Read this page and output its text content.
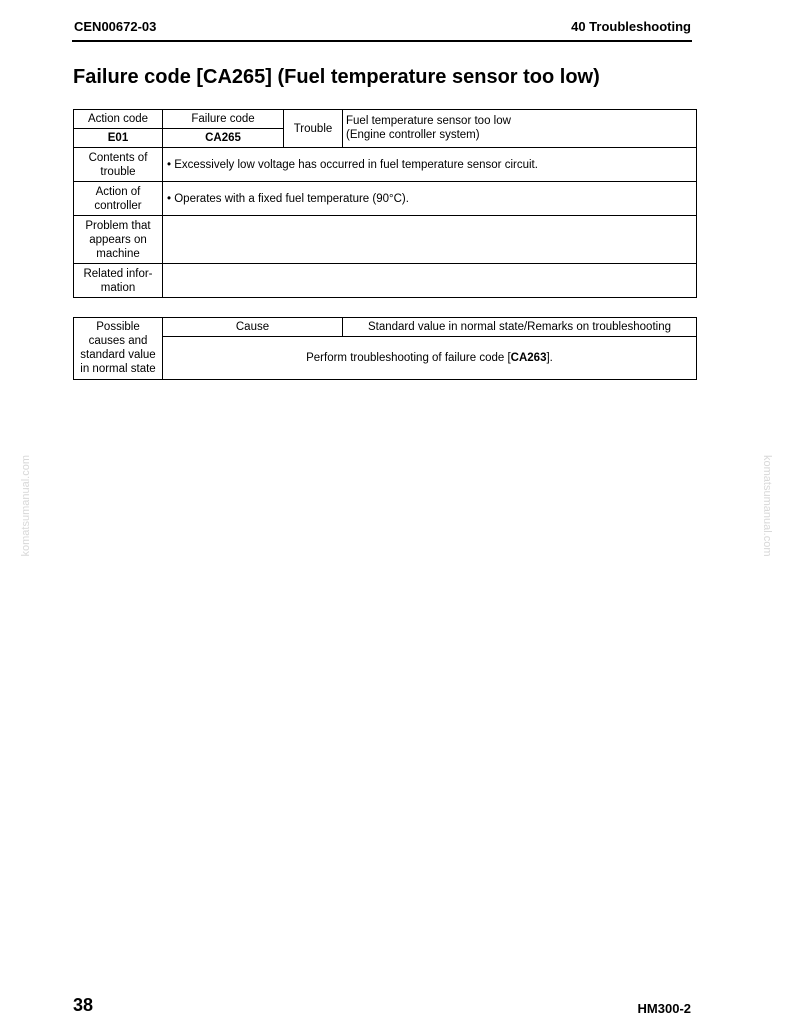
CEN00672-03	40 Troubleshooting
Failure code [CA265] (Fuel temperature sensor too low)
Action code	Failure code	Trouble	Fuel temperature sensor too low
(Engine controller system)

E01	CA265		
Contents of trouble	• Excessively low voltage has occurred in fuel temperature sensor circuit.		
Action of controller	• Operates with a fixed fuel temperature (90°C).		
Problem that appears on machine			
Related infor-mation			
Possible causes and standard value in normal state	Cause	Standard value in normal state/Remarks on troubleshooting
Perform troubleshooting of failure code [CA263].
komatsumanual.com	komatsumanual.com
38	HM300-2
